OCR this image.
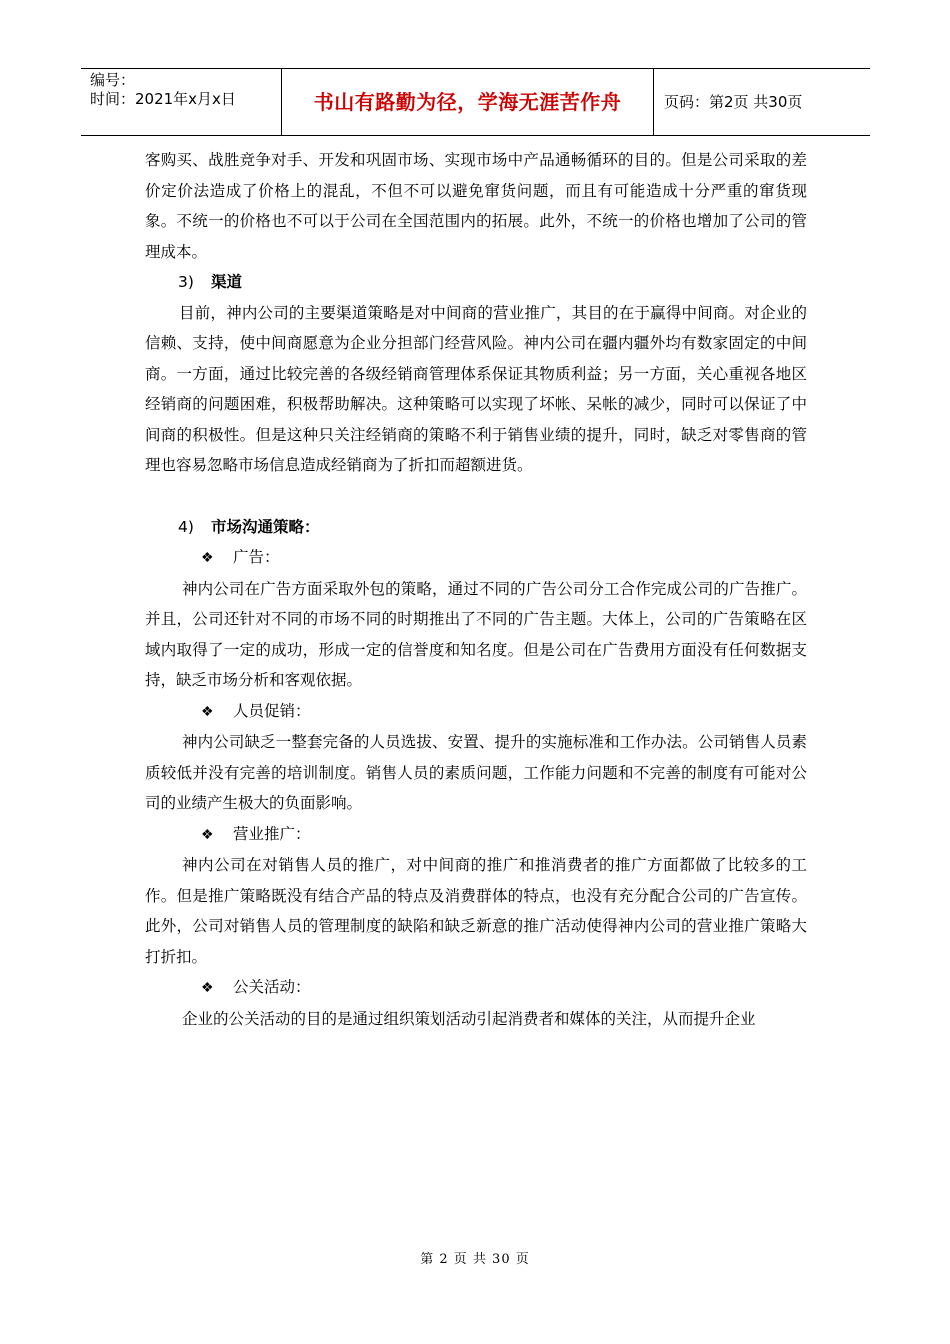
编号：
时间：2021年x月x日	书山有路勤为径，学海无涯苦作舟	页码：第2页 共30页

客购买、战胜竞争对手、开发和巩固市场、实现市场中产品通畅循环的目的。但是公司采取的差价定价法造成了价格上的混乱，不但不可以避免窜货问题，而且有可能造成十分严重的窜货现象。不统一的价格也不可以于公司在全国范围内的拓展。此外，不统一的价格也增加了公司的管理成本。

3) 渠道

目前，神内公司的主要渠道策略是对中间商的营业推广，其目的在于赢得中间商。对企业的信赖、支持，使中间商愿意为企业分担部门经营风险。神内公司在疆内疆外均有数家固定的中间商。一方面，通过比较完善的各级经销商管理体系保证其物质利益；另一方面，关心重视各地区经销商的问题困难，积极帮助解决。这种策略可以实现了坏帐、呆帐的减少，同时可以保证了中间商的积极性。但是这种只关注经销商的策略不利于销售业绩的提升，同时，缺乏对零售商的管理也容易忽略市场信息造成经销商为了折扣而超额进货。

4) 市场沟通策略：

❖ 广告：

神内公司在广告方面采取外包的策略，通过不同的广告公司分工合作完成公司的广告推广。并且，公司还针对不同的市场不同的时期推出了不同的广告主题。大体上，公司的广告策略在区域内取得了一定的成功，形成一定的信誉度和知名度。但是公司在广告费用方面没有任何数据支持，缺乏市场分析和客观依据。

❖ 人员促销：

神内公司缺乏一整套完备的人员选拔、安置、提升的实施标准和工作办法。公司销售人员素质较低并没有完善的培训制度。销售人员的素质问题，工作能力问题和不完善的制度有可能对公司的业绩产生极大的负面影响。

❖ 营业推广：

神内公司在对销售人员的推广，对中间商的推广和推消费者的推广方面都做了比较多的工作。但是推广策略既没有结合产品的特点及消费群体的特点，也没有充分配合公司的广告宣传。此外，公司对销售人员的管理制度的缺陷和缺乏新意的推广活动使得神内公司的营业推广策略大打折扣。

❖ 公关活动：

企业的公关活动的目的是通过组织策划活动引起消费者和媒体的关注，从而提升企业

第 2 页 共 30 页
